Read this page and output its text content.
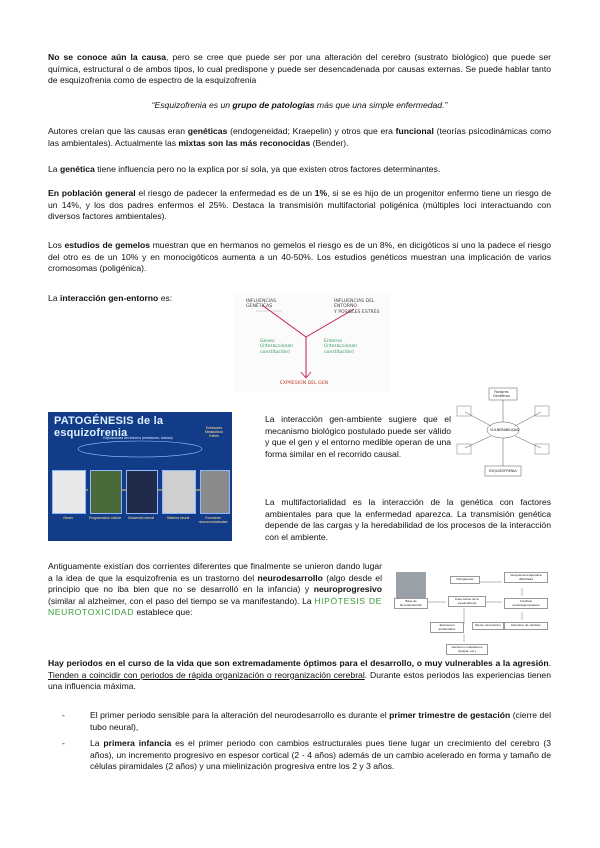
No se conoce aún la causa, pero se cree que puede ser por una alteración del cerebro (sustrato biológico) que puede ser química, estructural o de ambos tipos, lo cual predispone y puede ser desencadenada por causas externas. Se puede hablar tanto de esquizofrenia como de espectro de la esquizofrenia

“Esquizofrenia es un grupo de patologías más que una simple enfermedad.”

Autores creían que las causas eran genéticas (endogeneidad; Kraepelin) y otros que era funcional (teorías psicodinámicas como las ambientales). Actualmente las mixtas son las más reconocidas (Bender).

La genética tiene influencia pero no la explica por sí sola, ya que existen otros factores determinantes.

En población general el riesgo de padecer la enfermedad es de un 1%, si se es hijo de un progenitor enfermo tiene un riesgo de un 14%, y los dos padres enfermos el 25%. Destaca la transmisión multifactorial poligénica (múltiples loci interactuando con diversos factores ambientales).

Los estudios de gemelos muestran que en hermanos no gemelos el riesgo es de un 8%, en dicigóticos si uno la padece el riesgo del otro es de un 10% y en monocigóticos aumenta a un 40-50%. Los estudios genéticos muestran una implicación de varios cromosomas (poligénica).

La interacción gen-entorno es:	INFLUENCIAS
GENÉTICAS
INFLUENCIAS DEL ENTORNO
Y POSIBLES ESTRÉS
Genes
(interaccionan
constitución)
Entorno
(interaccionan
constitución)
EXPRESIÓN DEL GEN
PATOGÉNESIS de la esquizofrenia
Exposiciones del entorno (estresores, toxinas)
Estresores
Metabólicos
Estrés
Genes	Programación celular	Desarrollo neural	Sistema neural	Funciones neuroconductuales

La interacción gen-ambiente sugiere que el mecanismo biológico postulado puede ser válido y que el gen y el entorno medible operan de una forma similar en el recorrido causal.

Factores
Genéticos
VULNERABILIDAD
ESQUIZOFRENIA

La multifactorialidad es la interacción de la genética con factores ambientales para que la enfermedad aparezca. La transmisión genética depende de las cargas y la heredabilidad de los procesos de la interacción con el ambiente.

Antiguamente existían dos corrientes diferentes que finalmente se unieron dando lugar a la idea de que la esquizofrenia es un trastorno del neurodesarrollo (algo desde el principio que no iba bien que no se desarrolló en la infancia) y neuroprogresivo (similar al alzheimer, con el paso del tiempo se va manifestando). La HIPÓTESIS DE NEUROTOXICIDAD establece que:

Patogénesis
Respuesta terapéutica dificultada
Base de Neurodesarrollo
Fase activa de la esquizofrenia	Cambios neurodegenerativos
Estresores ambientales
Efecto neurotóxico	Deterioro de cambios
Factores moduladores (terapia, etc.)

Hay periodos en el curso de la vida que son extremadamente óptimos para el desarrollo, o muy vulnerables a la agresión. Tienden a coincidir con periodos de rápida organización o reorganización cerebral. Durante estos periodos las experiencias tienen una influencia máxima.

-	El primer periodo sensible para la alteración del neurodesarrollo es durante el primer trimestre de gestación (cierre del tubo neural),

-	La primera infancia es el primer periodo con cambios estructurales pues tiene lugar un crecimiento del cerebro (3 años), un incremento progresivo en espesor cortical (2 - 4 años) además de un cambio acelerado en forma y tamaño de células piramidales (2 años) y una mielinización progresiva entre los 2 y 3 años.
